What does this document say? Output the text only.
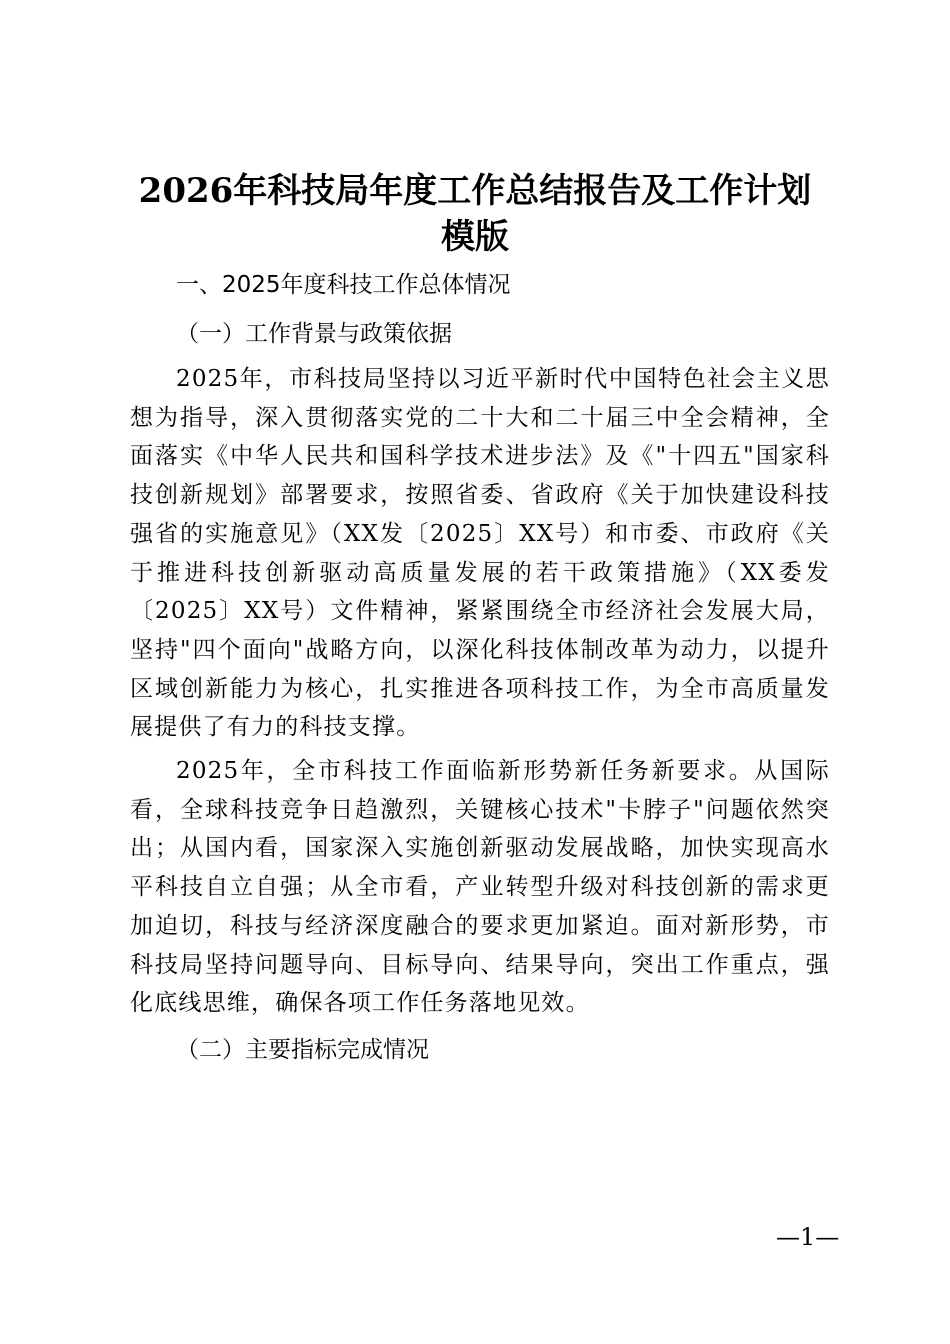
2026年科技局年度工作总结报告及工作计划
模版
一、2025年度科技工作总体情况
（一）工作背景与政策依据

2025年，市科技局坚持以习近平新时代中国特色社会主义思想为指导，深入贯彻落实党的二十大和二十届三中全会精神，全面落实《中华人民共和国科学技术进步法》及《"十四五"国家科技创新规划》部署要求，按照省委、省政府《关于加快建设科技强省的实施意见》（XX发〔2025〕XX号）和市委、市政府《关于推进科技创新驱动高质量发展的若干政策措施》（XX委发〔2025〕XX号）文件精神，紧紧围绕全市经济社会发展大局，坚持"四个面向"战略方向，以深化科技体制改革为动力，以提升区域创新能力为核心，扎实推进各项科技工作，为全市高质量发展提供了有力的科技支撑。

2025年，全市科技工作面临新形势新任务新要求。从国际看，全球科技竞争日趋激烈，关键核心技术"卡脖子"问题依然突出；从国内看，国家深入实施创新驱动发展战略，加快实现高水平科技自立自强；从全市看，产业转型升级对科技创新的需求更加迫切，科技与经济深度融合的要求更加紧迫。面对新形势，市科技局坚持问题导向、目标导向、结果导向，突出工作重点，强化底线思维，确保各项工作任务落地见效。

（二）主要指标完成情况
—1—
